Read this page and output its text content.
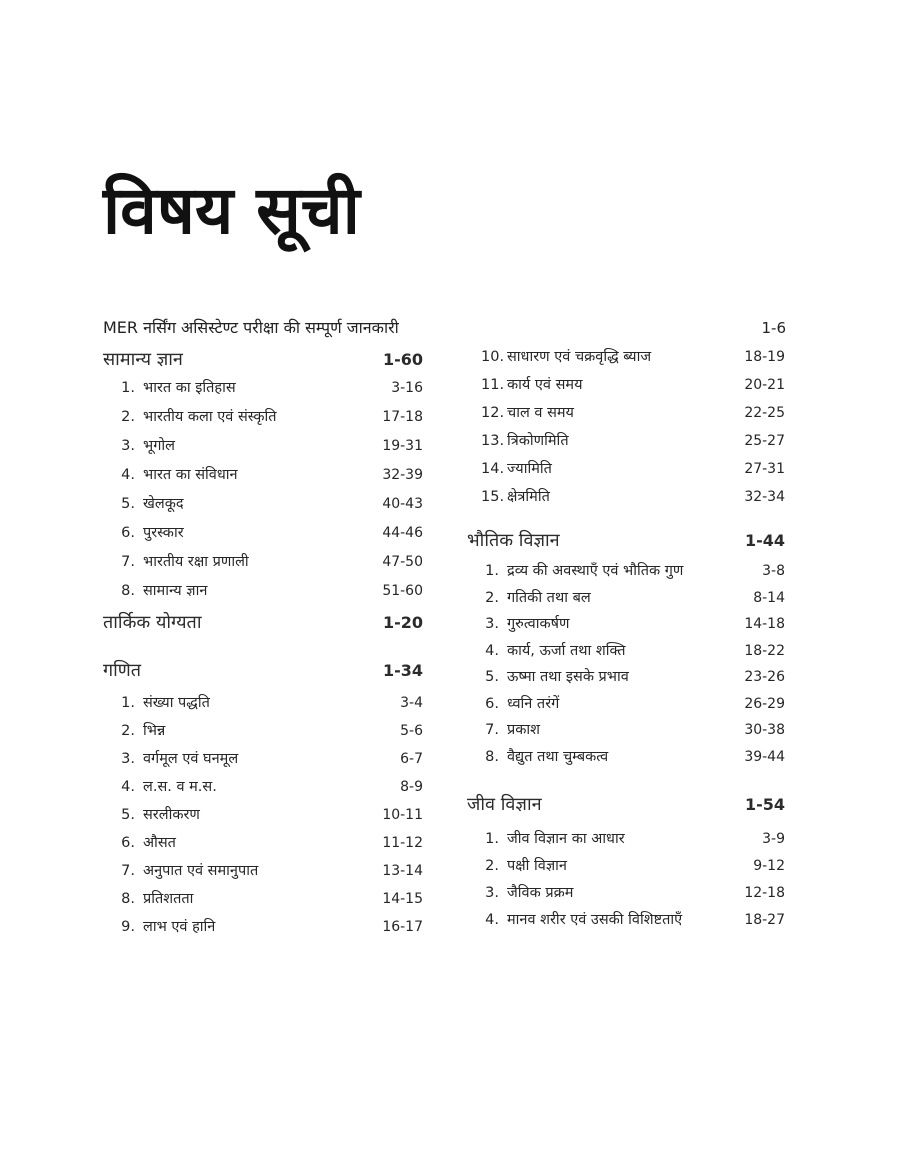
विषय सूची
MER नर्सिंग असिस्टेण्ट परीक्षा की सम्पूर्ण जानकारी	1-6
सामान्य ज्ञान	1-60
1. भारत का इतिहास	3-16
2. भारतीय कला एवं संस्कृति	17-18
3. भूगोल	19-31
4. भारत का संविधान	32-39
5. खेलकूद	40-43
6. पुरस्कार	44-46
7. भारतीय रक्षा प्रणाली	47-50
8. सामान्य ज्ञान	51-60
तार्किक योग्यता	1-20
गणित	1-34
1. संख्या पद्धति	3-4
2. भिन्न	5-6
3. वर्गमूल एवं घनमूल	6-7
4. ल.स. व म.स.	8-9
5. सरलीकरण	10-11
6. औसत	11-12
7. अनुपात एवं समानुपात	13-14
8. प्रतिशतता	14-15
9. लाभ एवं हानि	16-17
10. साधारण एवं चक्रवृद्धि ब्याज	18-19
11. कार्य एवं समय	20-21
12. चाल व समय	22-25
13. त्रिकोणमिति	25-27
14. ज्यामिति	27-31
15. क्षेत्रमिति	32-34
भौतिक विज्ञान	1-44
1. द्रव्य की अवस्थाएँ एवं भौतिक गुण	3-8
2. गतिकी तथा बल	8-14
3. गुरुत्वाकर्षण	14-18
4. कार्य, ऊर्जा तथा शक्ति	18-22
5. ऊष्मा तथा इसके प्रभाव	23-26
6. ध्वनि तरंगें	26-29
7. प्रकाश	30-38
8. वैद्युत तथा चुम्बकत्व	39-44
जीव विज्ञान	1-54
1. जीव विज्ञान का आधार	3-9
2. पक्षी विज्ञान	9-12
3. जैविक प्रक्रम	12-18
4. मानव शरीर एवं उसकी विशिष्टताएँ	18-27
